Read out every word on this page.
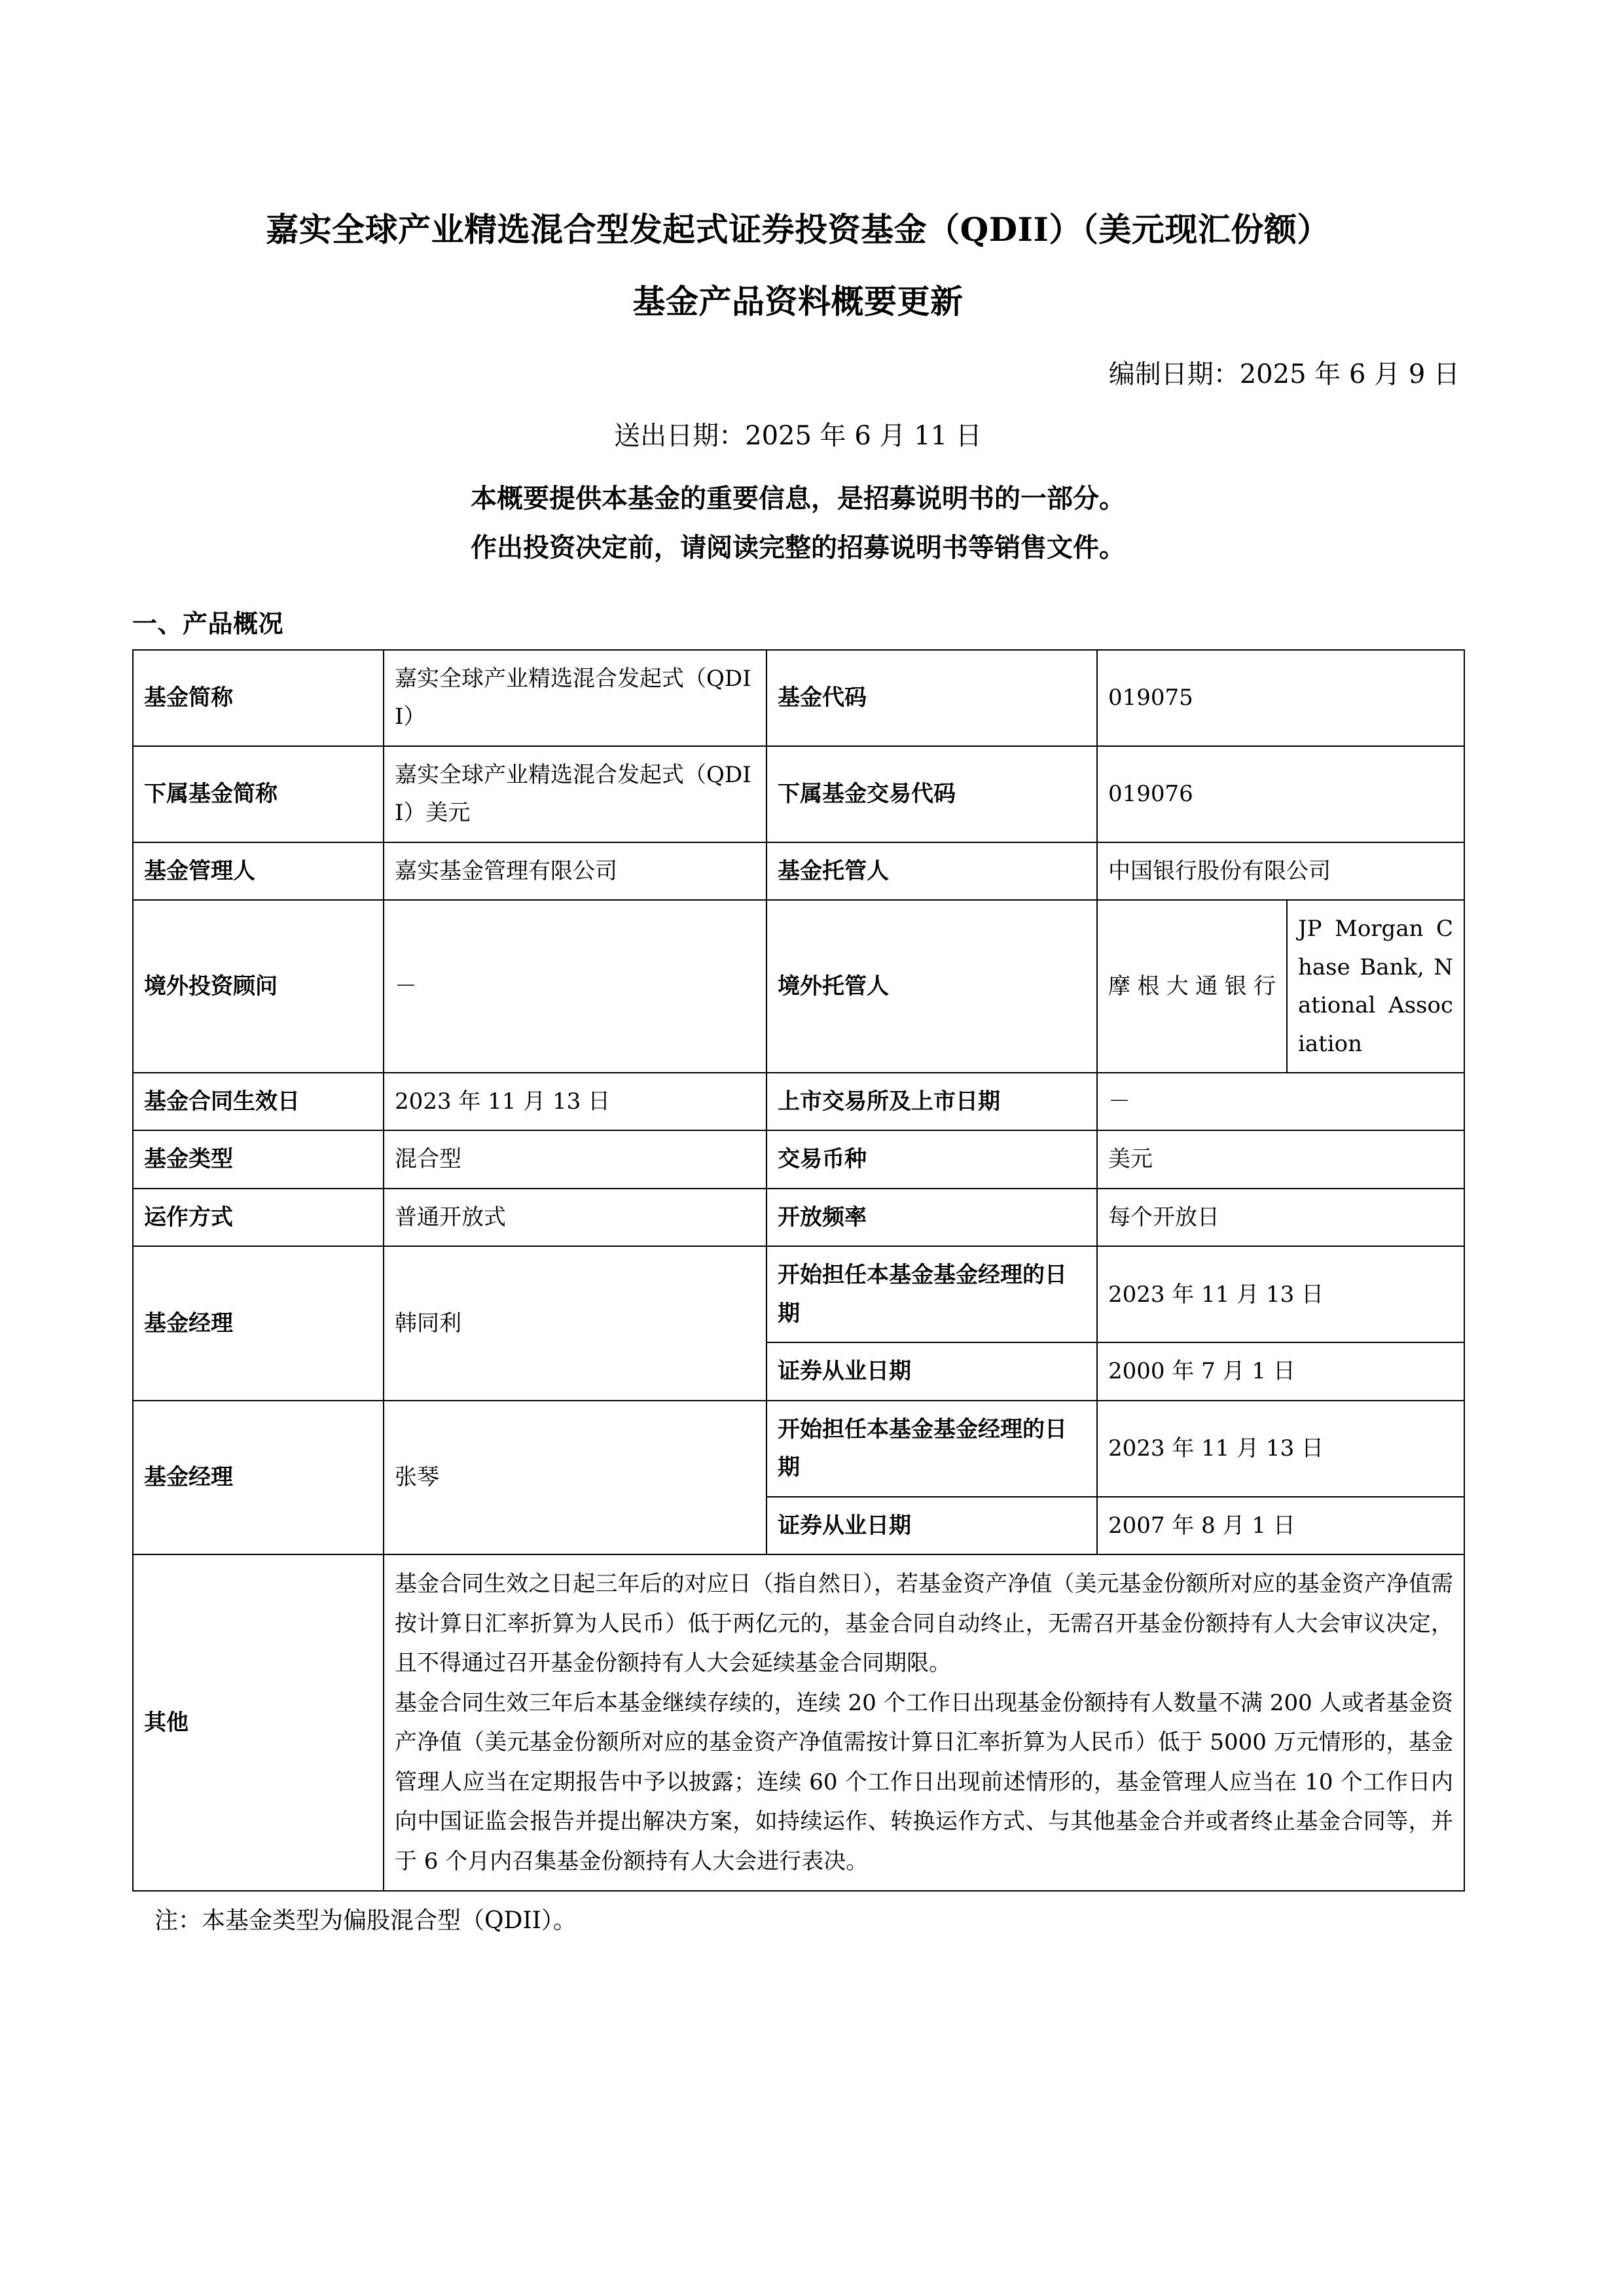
嘉实全球产业精选混合型发起式证券投资基金（QDII）（美元现汇份额）
基金产品资料概要更新

编制日期：2025 年 6 月 9 日

送出日期：2025 年 6 月 11 日

本概要提供本基金的重要信息，是招募说明书的一部分。

作出投资决定前，请阅读完整的招募说明书等销售文件。

一、产品概况
基金简称	嘉实全球产业精选混合发起式（QDII）	基金代码	019075	
下属基金简称	嘉实全球产业精选混合发起式（QDII）美元	下属基金交易代码	019076	
基金管理人	嘉实基金管理有限公司	基金托管人	中国银行股份有限公司	
境外投资顾问	－	境外托管人	摩根大通银行	JP Morgan Chase Bank, National Association

基金合同生效日	2023 年 11 月 13 日	上市交易所及上市日期	－	
基金类型	混合型	交易币种	美元	
运作方式	普通开放式	开放频率	每个开放日	
基金经理	韩同利	开始担任本基金基金经理的日期	2023 年 11 月 13 日	
		证券从业日期	2000 年 7 月 1 日	
基金经理	张琴	开始担任本基金基金经理的日期	2023 年 11 月 13 日	
		证券从业日期	2007 年 8 月 1 日	
其他	基金合同生效之日起三年后的对应日（指自然日），若基金资产净值（美元基金份额所对应的基金资产净值需按计算日汇率折算为人民币）低于两亿元的，基金合同自动终止，无需召开基金份额持有人大会审议决定，且不得通过召开基金份额持有人大会延续基金合同期限。

基金合同生效三年后本基金继续存续的，连续 20 个工作日出现基金份额持有人数量不满 200 人或者基金资产净值（美元基金份额所对应的基金资产净值需按计算日汇率折算为人民币）低于 5000 万元情形的，基金管理人应当在定期报告中予以披露；连续 60 个工作日出现前述情形的，基金管理人应当在 10 个工作日内向中国证监会报告并提出解决方案，如持续运作、转换运作方式、与其他基金合并或者终止基金合同等，并于 6 个月内召集基金份额持有人大会进行表决。			

注：本基金类型为偏股混合型（QDII）。
